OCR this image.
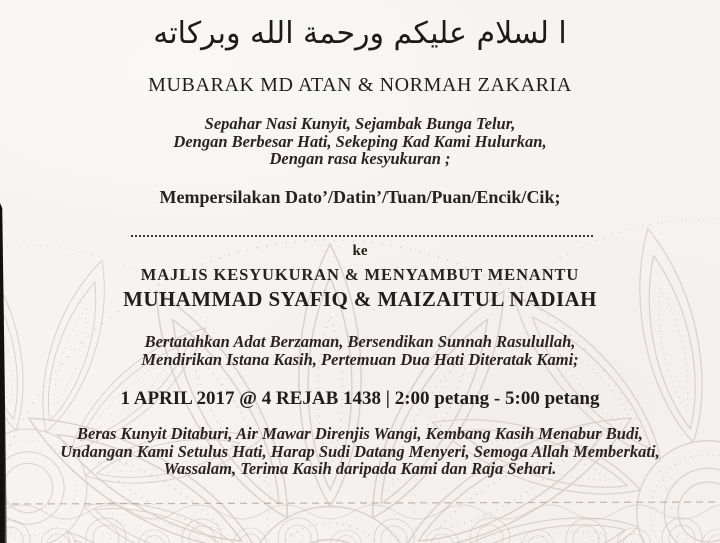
ا لسلام عليكم ورحمة الله وبركاته
MUBARAK MD ATAN & NORMAH ZAKARIA
Sepahar Nasi Kunyit, Sejambak Bunga Telur,
Dengan Berbesar Hati, Sekeping Kad Kami Hulurkan,
Dengan rasa kesyukuran ;
Mempersilakan Dato’/Datin’/Tuan/Puan/Encik/Cik;
ke
MAJLIS KESYUKURAN & MENYAMBUT MENANTU
MUHAMMAD SYAFIQ & MAIZAITUL NADIAH
Bertatahkan Adat Berzaman, Bersendikan Sunnah Rasulullah,
Mendirikan Istana Kasih, Pertemuan Dua Hati Diteratak Kami;
1 APRIL 2017 @ 4 REJAB 1438 | 2:00 petang - 5:00 petang
Beras Kunyit Ditaburi, Air Mawar Direnjis Wangi, Kembang Kasih Menabur Budi,
Undangan Kami Setulus Hati, Harap Sudi Datang Menyeri, Semoga Allah Memberkati,
Wassalam, Terima Kasih daripada Kami dan Raja Sehari.
